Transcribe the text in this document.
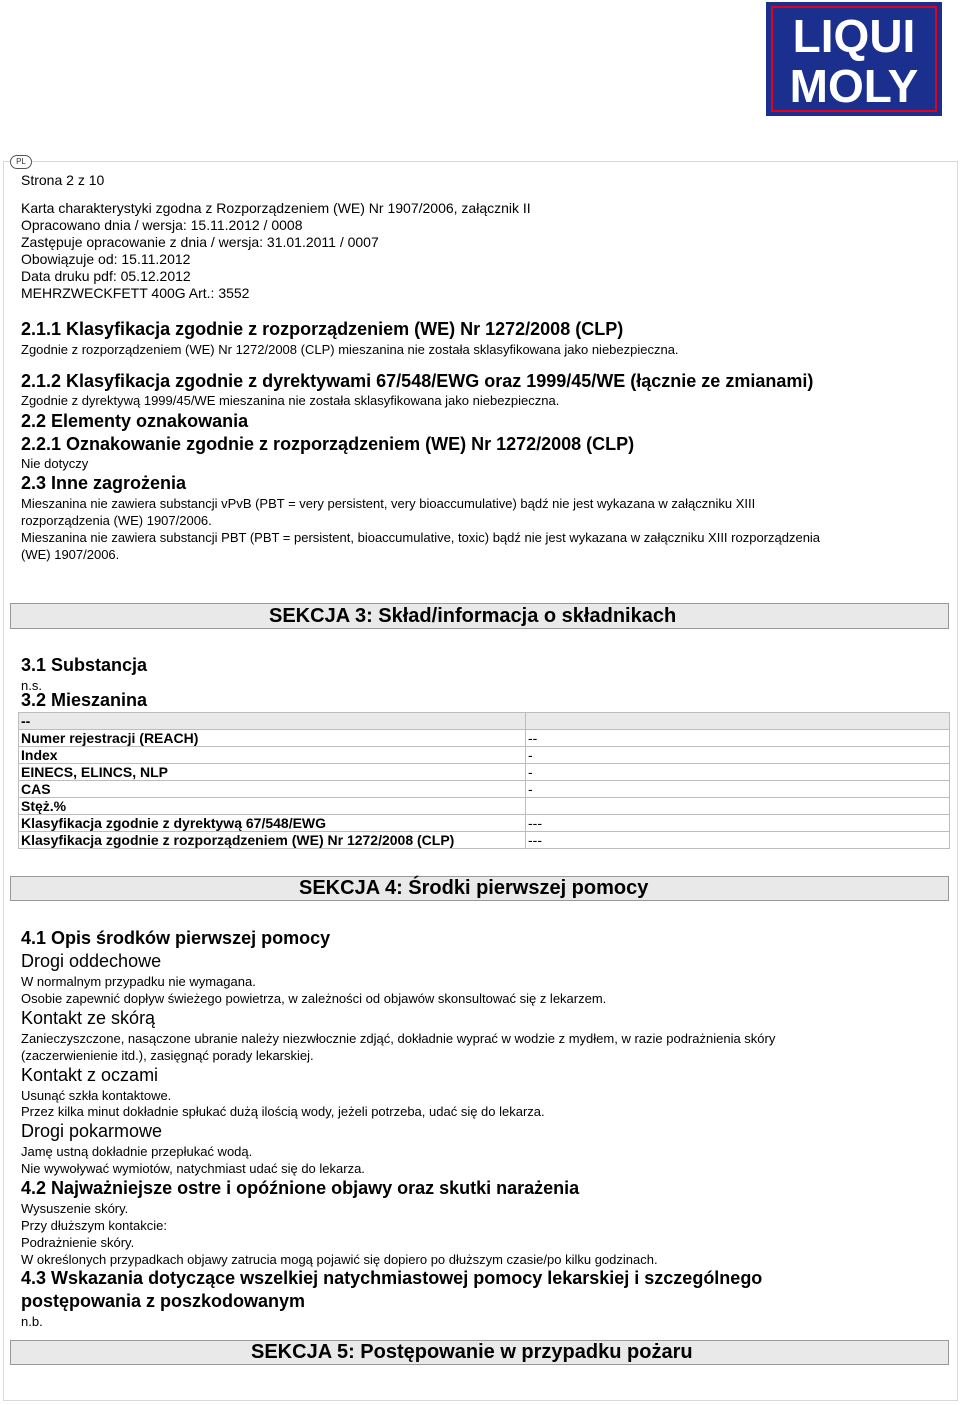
LIQUI
MOLY
PL
Strona 2 z 10
Karta charakterystyki zgodna z Rozporządzeniem (WE) Nr 1907/2006, załącznik II
Opracowano dnia / wersja: 15.11.2012 / 0008
Zastępuje opracowanie z dnia / wersja: 31.01.2011 / 0007
Obowiązuje od: 15.11.2012
Data druku pdf: 05.12.2012
MEHRZWECKFETT 400G Art.: 3552
2.1.1 Klasyfikacja zgodnie z rozporządzeniem (WE) Nr 1272/2008 (CLP)
Zgodnie z rozporządzeniem (WE) Nr 1272/2008 (CLP) mieszanina nie została sklasyfikowana jako niebezpieczna.
2.1.2 Klasyfikacja zgodnie z dyrektywami 67/548/EWG oraz 1999/45/WE (łącznie ze zmianami)
Zgodnie z dyrektywą 1999/45/WE mieszanina nie została sklasyfikowana jako niebezpieczna.
2.2 Elementy oznakowania
2.2.1 Oznakowanie zgodnie z rozporządzeniem (WE) Nr 1272/2008 (CLP)
Nie dotyczy
2.3 Inne zagrożenia
Mieszanina nie zawiera substancji vPvB (PBT = very persistent, very bioaccumulative) bądź nie jest wykazana w załączniku XIII
rozporządzenia (WE) 1907/2006.
Mieszanina nie zawiera substancji PBT (PBT = persistent, bioaccumulative, toxic) bądź nie jest wykazana w załączniku XIII rozporządzenia
(WE) 1907/2006.
SEKCJA 3: Skład/informacja o składnikach
3.1 Substancja
n.s.
3.2 Mieszanina
--	
Numer rejestracji (REACH)	--
Index	-
EINECS, ELINCS, NLP	-
CAS	-
Stęż.%	
Klasyfikacja zgodnie z dyrektywą 67/548/EWG	---
Klasyfikacja zgodnie z rozporządzeniem (WE) Nr 1272/2008 (CLP)	---
SEKCJA 4: Środki pierwszej pomocy
4.1 Opis środków pierwszej pomocy
Drogi oddechowe
W normalnym przypadku nie wymagana.
Osobie zapewnić dopływ świeżego powietrza, w zależności od objawów skonsultować się z lekarzem.
Kontakt ze skórą
Zanieczyszczone, nasączone ubranie należy niezwłocznie zdjąć, dokładnie wyprać w wodzie z mydłem, w razie podrażnienia skóry
(zaczerwienienie itd.), zasięgnąć porady lekarskiej.
Kontakt z oczami
Usunąć szkła kontaktowe.
Przez kilka minut dokładnie spłukać dużą ilością wody, jeżeli potrzeba, udać się do lekarza.
Drogi pokarmowe
Jamę ustną dokładnie przepłukać wodą.
Nie wywoływać wymiotów, natychmiast udać się do lekarza.
4.2 Najważniejsze ostre i opóźnione objawy oraz skutki narażenia
Wysuszenie skóry.
Przy dłuższym kontakcie:
Podrażnienie skóry.
W określonych przypadkach objawy zatrucia mogą pojawić się dopiero po dłuższym czasie/po kilku godzinach.
4.3 Wskazania dotyczące wszelkiej natychmiastowej pomocy lekarskiej i szczególnego
postępowania z poszkodowanym
n.b.
SEKCJA 5: Postępowanie w przypadku pożaru
